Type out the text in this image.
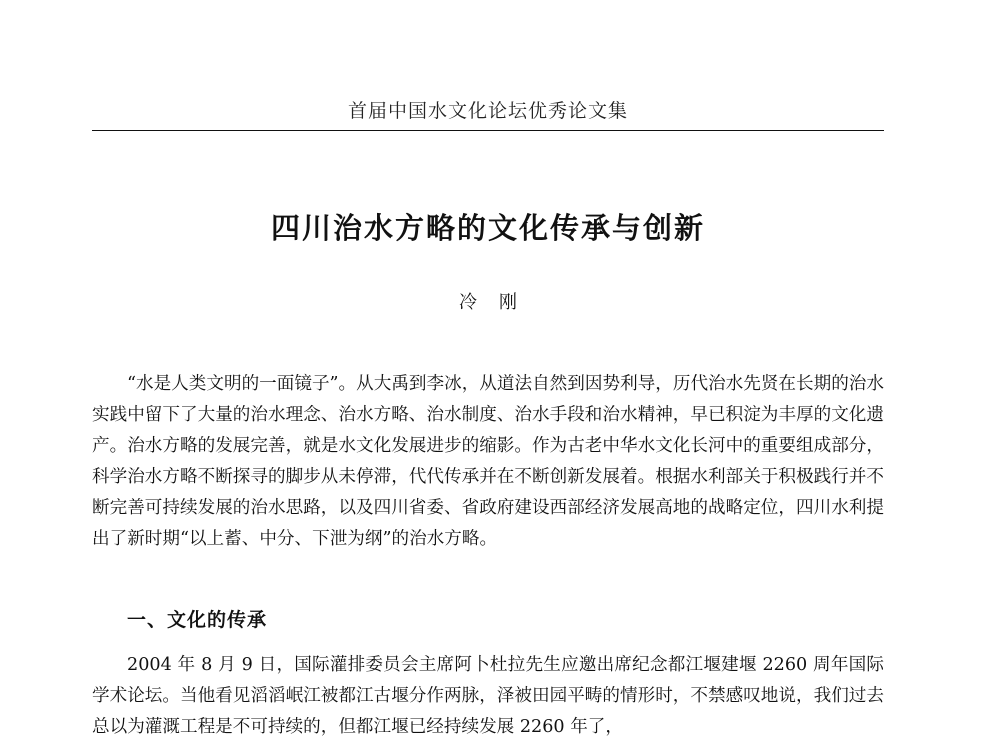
首届中国水文化论坛优秀论文集
四川治水方略的文化传承与创新
冷 刚
“水是人类文明的一面镜子”。从大禹到李冰，从道法自然到因势利导，历代治水先贤在长期的治水实践中留下了大量的治水理念、治水方略、治水制度、治水手段和治水精神，早已积淀为丰厚的文化遗产。治水方略的发展完善，就是水文化发展进步的缩影。作为古老中华水文化长河中的重要组成部分，科学治水方略不断探寻的脚步从未停滞，代代传承并在不断创新发展着。根据水利部关于积极践行并不断完善可持续发展的治水思路，以及四川省委、省政府建设西部经济发展高地的战略定位，四川水利提出了新时期“以上蓄、中分、下泄为纲”的治水方略。
一、文化的传承
2004 年 8 月 9 日，国际灌排委员会主席阿卜杜拉先生应邀出席纪念都江堰建堰 2260 周年国际学术论坛。当他看见滔滔岷江被都江古堰分作两脉，泽被田园平畴的情形时，不禁感叹地说，我们过去总以为灌溉工程是不可持续的，但都江堰已经持续发展 2260 年了，
